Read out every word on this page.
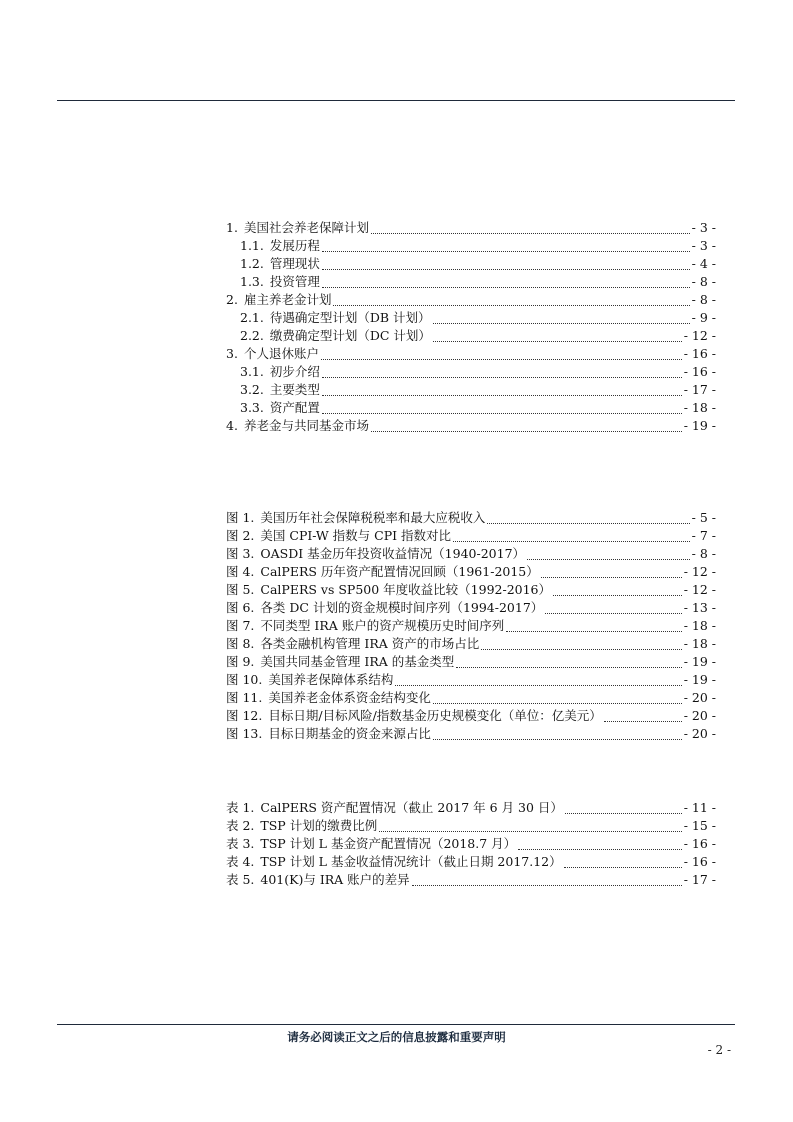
1. 美国社会养老保障计划	- 3 -
1.1. 发展历程	- 3 -
1.2. 管理现状	- 4 -
1.3. 投资管理	- 8 -
2. 雇主养老金计划	- 8 -
2.1. 待遇确定型计划（DB 计划）	- 9 -
2.2. 缴费确定型计划（DC 计划）	- 12 -
3. 个人退休账户	- 16 -
3.1. 初步介绍	- 16 -
3.2. 主要类型	- 17 -
3.3. 资产配置	- 18 -
4. 养老金与共同基金市场	- 19 -
图 1. 美国历年社会保障税税率和最大应税收入	- 5 -
图 2. 美国 CPI-W 指数与 CPI 指数对比	- 7 -
图 3. OASDI 基金历年投资收益情况（1940-2017）	- 8 -
图 4. CalPERS 历年资产配置情况回顾（1961-2015）	- 12 -
图 5. CalPERS vs SP500 年度收益比较（1992-2016）	- 12 -
图 6. 各类 DC 计划的资金规模时间序列（1994-2017）	- 13 -
图 7. 不同类型 IRA 账户的资产规模历史时间序列	- 18 -
图 8. 各类金融机构管理 IRA 资产的市场占比	- 18 -
图 9. 美国共同基金管理 IRA 的基金类型	- 19 -
图 10. 美国养老保障体系结构	- 19 -
图 11. 美国养老金体系资金结构变化	- 20 -
图 12. 目标日期/目标风险/指数基金历史规模变化（单位：亿美元）	- 20 -
图 13. 目标日期基金的资金来源占比	- 20 -
表 1. CalPERS 资产配置情况（截止 2017 年 6 月 30 日）	- 11 -
表 2. TSP 计划的缴费比例	- 15 -
表 3. TSP 计划 L 基金资产配置情况（2018.7 月）	- 16 -
表 4. TSP 计划 L 基金收益情况统计（截止日期 2017.12）	- 16 -
表 5. 401(K)与 IRA 账户的差异	- 17 -
请务必阅读正文之后的信息披露和重要声明
- 2 -
